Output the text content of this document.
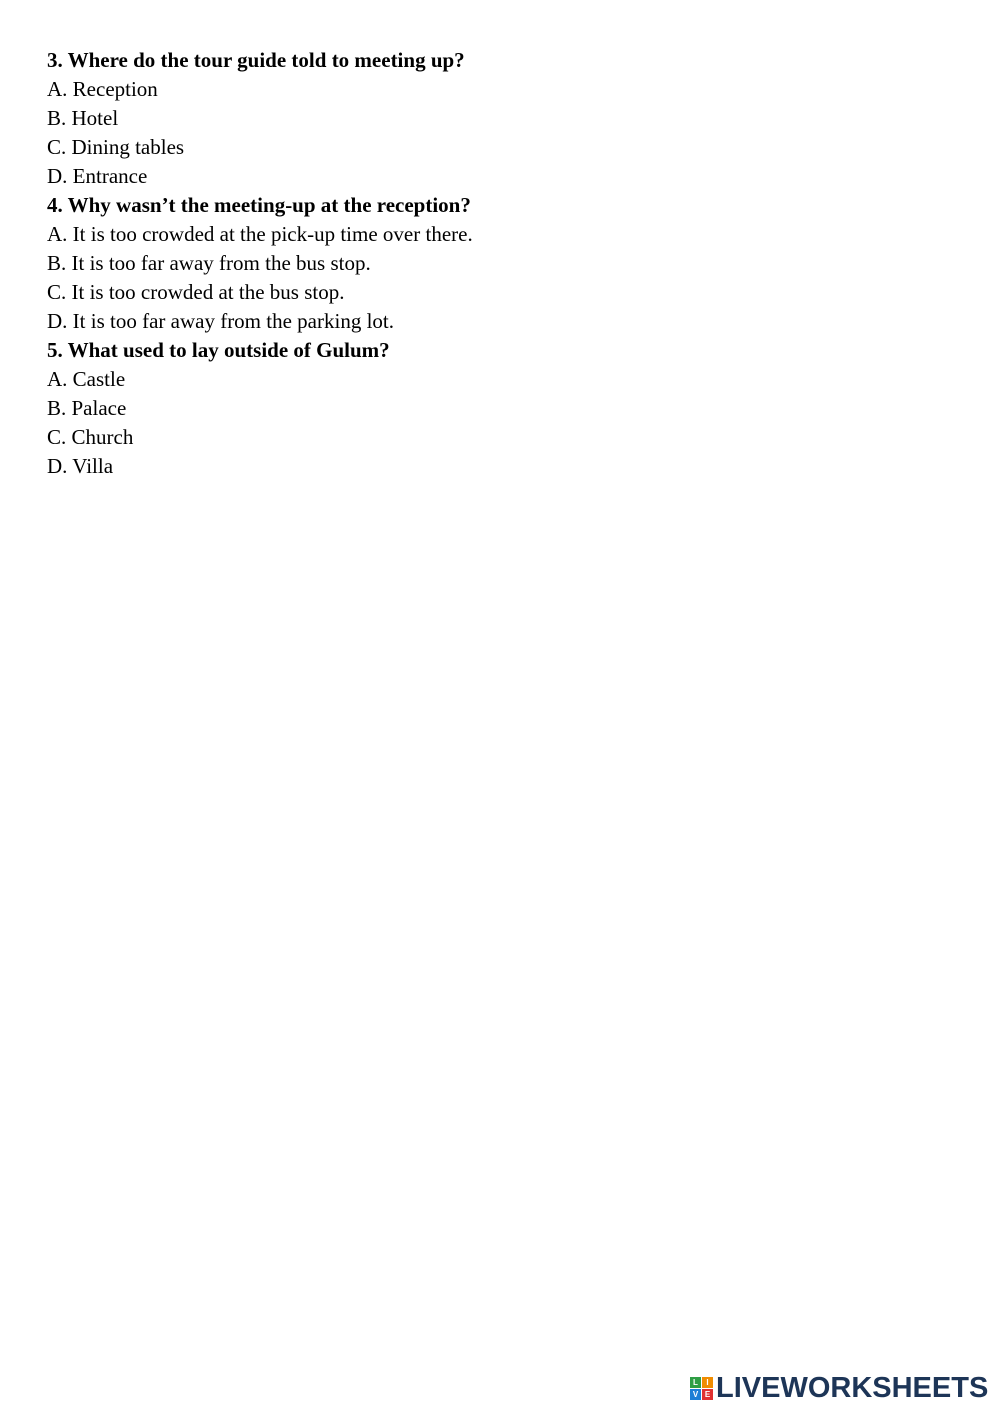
3. Where do the tour guide told to meeting up?
A. Reception
B. Hotel
C. Dining tables
D. Entrance
4. Why wasn’t the meeting-up at the reception?
A. It is too crowded at the pick-up time over there.
B. It is too far away from the bus stop.
C. It is too crowded at the bus stop.
D. It is too far away from the parking lot.
5. What used to lay outside of Gulum?
A. Castle
B. Palace
C. Church
D. Villa
L	I
V E LIVEWORKSHEETS
